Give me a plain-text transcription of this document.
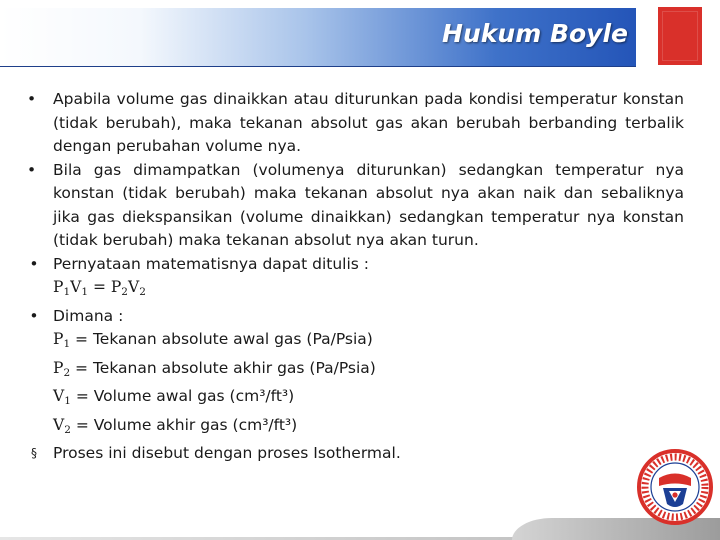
Hukum Boyle
•	Apabila volume gas dinaikkan atau diturunkan pada kondisi temperatur konstan (tidak berubah), maka tekanan absolut gas akan berubah berbanding terbalik dengan perubahan volume nya.
•	Bila gas dimampatkan (volumenya diturunkan) sedangkan temperatur nya konstan (tidak berubah) maka tekanan absolut nya akan naik dan sebaliknya jika gas diekspansikan (volume dinaikkan) sedangkan temperatur nya konstan (tidak berubah) maka tekanan absolut nya akan turun.
• Pernyataan matematisnya dapat ditulis :
$P_1V_1 = P_2V_2$
• Dimana :
$P_1$ = Tekanan absolute awal gas (Pa/Psia)
$P_2$ = Tekanan absolute akhir gas (Pa/Psia)
$V_1$ = Volume awal gas (cm³/ft³)
$V_2$ = Volume akhir gas (cm³/ft³)
§ Proses ini disebut dengan proses Isothermal.
